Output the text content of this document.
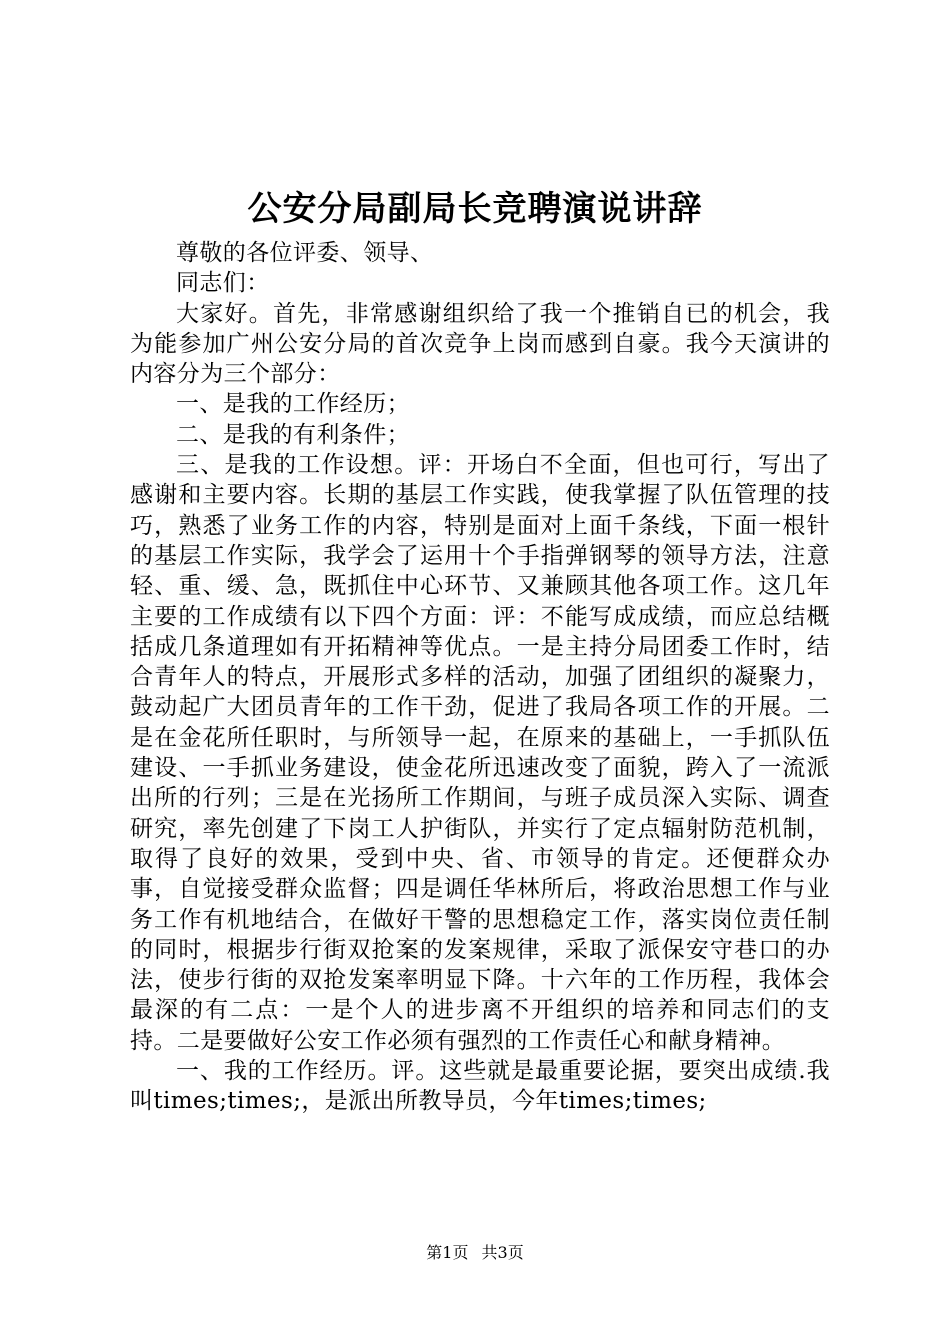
公安分局副局长竞聘演说讲辞

尊敬的各位评委、领导、

同志们：

大家好。首先，非常感谢组织给了我一个推销自已的机会，我为能参加广州公安分局的首次竞争上岗而感到自豪。我今天演讲的内容分为三个部分：

一、是我的工作经历；

二、是我的有利条件；

三、是我的工作设想。评：开场白不全面，但也可行，写出了感谢和主要内容。长期的基层工作实践，使我掌握了队伍管理的技巧，熟悉了业务工作的内容，特别是面对上面千条线，下面一根针的基层工作实际，我学会了运用十个手指弹钢琴的领导方法，注意轻、重、缓、急，既抓住中心环节、又兼顾其他各项工作。这几年主要的工作成绩有以下四个方面：评：不能写成成绩，而应总结概括成几条道理如有开拓精神等优点。一是主持分局团委工作时，结合青年人的特点，开展形式多样的活动，加强了团组织的凝聚力，鼓动起广大团员青年的工作干劲，促进了我局各项工作的开展。二是在金花所任职时，与所领导一起，在原来的基础上，一手抓队伍建设、一手抓业务建设，使金花所迅速改变了面貌，跨入了一流派出所的行列；三是在光扬所工作期间，与班子成员深入实际、调查研究，率先创建了下岗工人护街队，并实行了定点辐射防范机制，取得了良好的效果，受到中央、省、市领导的肯定。还便群众办事，自觉接受群众监督；四是调任华林所后，将政治思想工作与业务工作有机地结合，在做好干警的思想稳定工作，落实岗位责任制的同时，根据步行街双抢案的发案规律，采取了派保安守巷口的办法，使步行街的双抢发案率明显下降。十六年的工作历程，我体会最深的有二点：一是个人的进步离不开组织的培养和同志们的支持。二是要做好公安工作必须有强烈的工作责任心和献身精神。

一、我的工作经历。评。这些就是最重要论据，要突出成绩.我叫times;times;，是派出所教导员，今年times;times;

第1页 共3页
